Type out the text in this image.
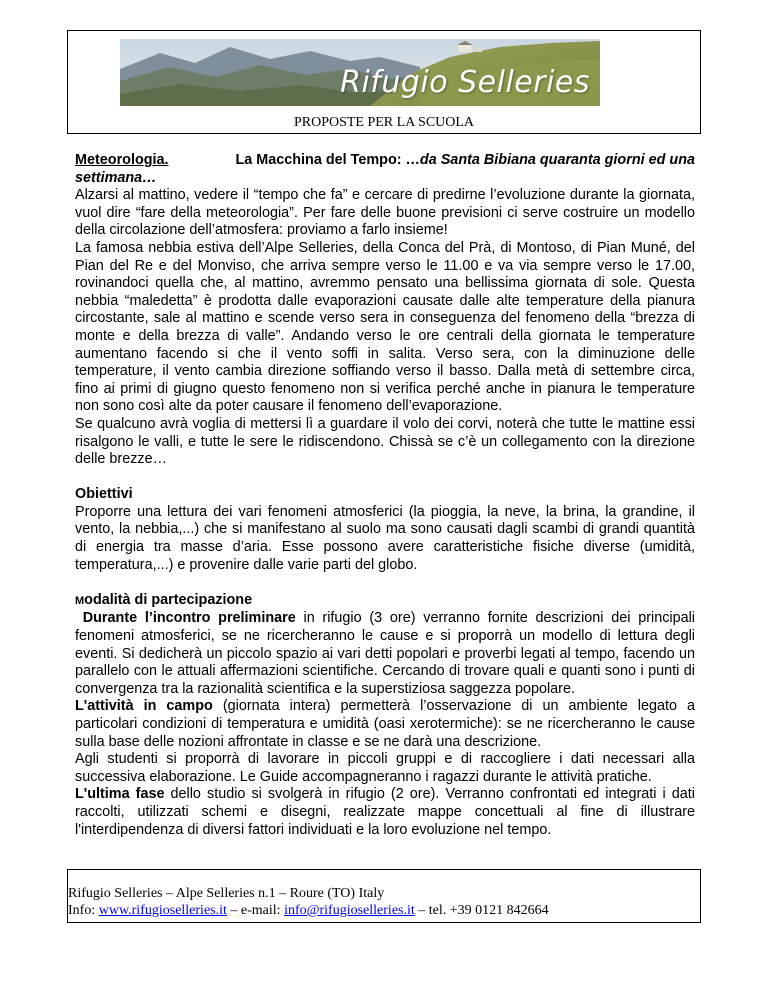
Rifugio Selleries
PROPOSTE PER LA SCUOLA

Meteorologia.	La Macchina del Tempo: …da Santa Bibiana quaranta giorni ed una

settimana…

Alzarsi al mattino, vedere il “tempo che fa” e cercare di predirne l’evoluzione durante la giornata, vuol dire “fare della meteorologia”. Per fare delle buone previsioni ci serve costruire un modello della circolazione dell’atmosfera: proviamo a farlo insieme!

La famosa nebbia estiva dell’Alpe Selleries, della Conca del Prà, di Montoso, di Pian Muné, del Pian del Re e del Monviso, che arriva sempre verso le 11.00 e va via sempre verso le 17.00, rovinandoci quella che, al mattino, avremmo pensato una bellissima giornata di sole. Questa nebbia “maledetta” è prodotta dalle evaporazioni causate dalle alte temperature della pianura circostante, sale al mattino e scende verso sera in conseguenza del fenomeno della “brezza di monte e della brezza di valle”. Andando verso le ore centrali della giornata le temperature aumentano facendo si che il vento soffi in salita. Verso sera, con la diminuzione delle temperature, il vento cambia direzione soffiando verso il basso. Dalla metà di settembre circa, fino ai primi di giugno questo fenomeno non si verifica perché anche in pianura le temperature non sono così alte da poter causare il fenomeno dell’evaporazione.

Se qualcuno avrà voglia di mettersi lì a guardare il volo dei corvi, noterà che tutte le mattine essi risalgono le valli, e tutte le sere le ridiscendono. Chissà se c’è un collegamento con la direzione delle brezze…

Obiettivi

Proporre una lettura dei vari fenomeni atmosferici (la pioggia, la neve, la brina, la grandine, il vento, la nebbia,...) che si manifestano al suolo ma sono causati dagli scambi di grandi quantità di energia tra masse d’aria. Esse possono avere caratteristiche fisiche diverse (umidità, temperatura,...) e provenire dalle varie parti del globo.

Modalità di partecipazione

Durante l’incontro preliminare in rifugio (3 ore) verranno fornite descrizioni dei principali fenomeni atmosferici, se ne ricercheranno le cause e si proporrà un modello di lettura degli eventi. Si dedicherà un piccolo spazio ai vari detti popolari e proverbi legati al tempo, facendo un parallelo con le attuali affermazioni scientifiche. Cercando di trovare quali e quanti sono i punti di convergenza tra la razionalità scientifica e la superstiziosa saggezza popolare.

L'attività in campo (giornata intera) permetterà l’osservazione di un ambiente legato a particolari condizioni di temperatura e umidità (oasi xerotermiche): se ne ricercheranno le cause sulla base delle nozioni affrontate in classe e se ne darà una descrizione.

Agli studenti si proporrà di lavorare in piccoli gruppi e di raccogliere i dati necessari alla successiva elaborazione. Le Guide accompagneranno i ragazzi durante le attività pratiche.

L'ultima fase dello studio si svolgerà in rifugio (2 ore). Verranno confrontati ed integrati i dati raccolti, utilizzati schemi e disegni, realizzate mappe concettuali al fine di illustrare l'interdipendenza di diversi fattori individuati e la loro evoluzione nel tempo.

Rifugio Selleries – Alpe Selleries n.1 – Roure (TO) Italy
Info: www.rifugioselleries.it – e-mail: info@rifugioselleries.it – tel. +39 0121 842664
